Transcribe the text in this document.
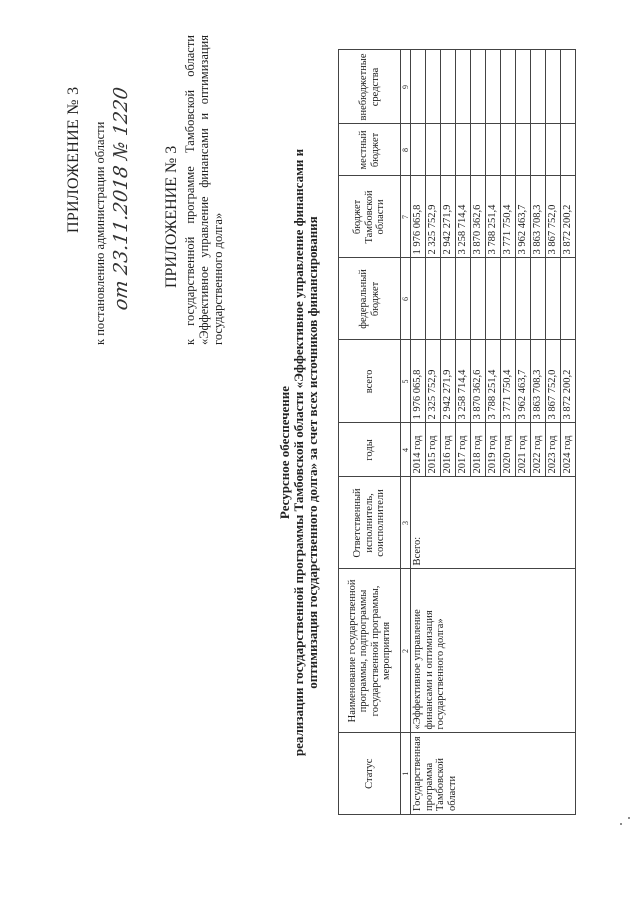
ПРИЛОЖЕНИЕ № 3 к постановлению администрации области от 23.11.2018 № 1220 ПРИЛОЖЕНИЕ № 3 к государственной программе Тамбовской области «Эффективное управление финансами и оптимизация государственного долга»
Ресурсное обеспечение реализации государственной программы Тамбовской области «Эффективное управление финансами и оптимизация государственного долга» за счет всех источников финансирования
Статус	Наименование государственной программы, подпрограммы государственной программы, мероприятия	Ответственный исполнитель, соисполнители	годы	всего	федеральный бюджет	бюджет Тамбовской области	местный бюджет	внебюджетные средства
1	2	3	4	5	6	7	8	9
Государственная программа Тамбовской области	«Эффективное управление финансами и оптимизация государственного долга»	Всего:	2014 год	1 976 065,8		1 976 065,8		
			2015 год	2 325 752,9		2 325 752,9		
			2016 год	2 942 271,9		2 942 271,9		
			2017 год	3 258 714,4		3 258 714,4		
			2018 год	3 870 362,6		3 870 362,6		
			2019 год	3 788 251,4		3 788 251,4		
			2020 год	3 771 750,4		3 771 750,4		
			2021 год	3 962 463,7		3 962 463,7		
			2022 год	3 863 708,3		3 863 708,3		
			2023 год	3 867 752,0		3 867 752,0		
			2024 год	3 872 200,2		3 872 200,2		
